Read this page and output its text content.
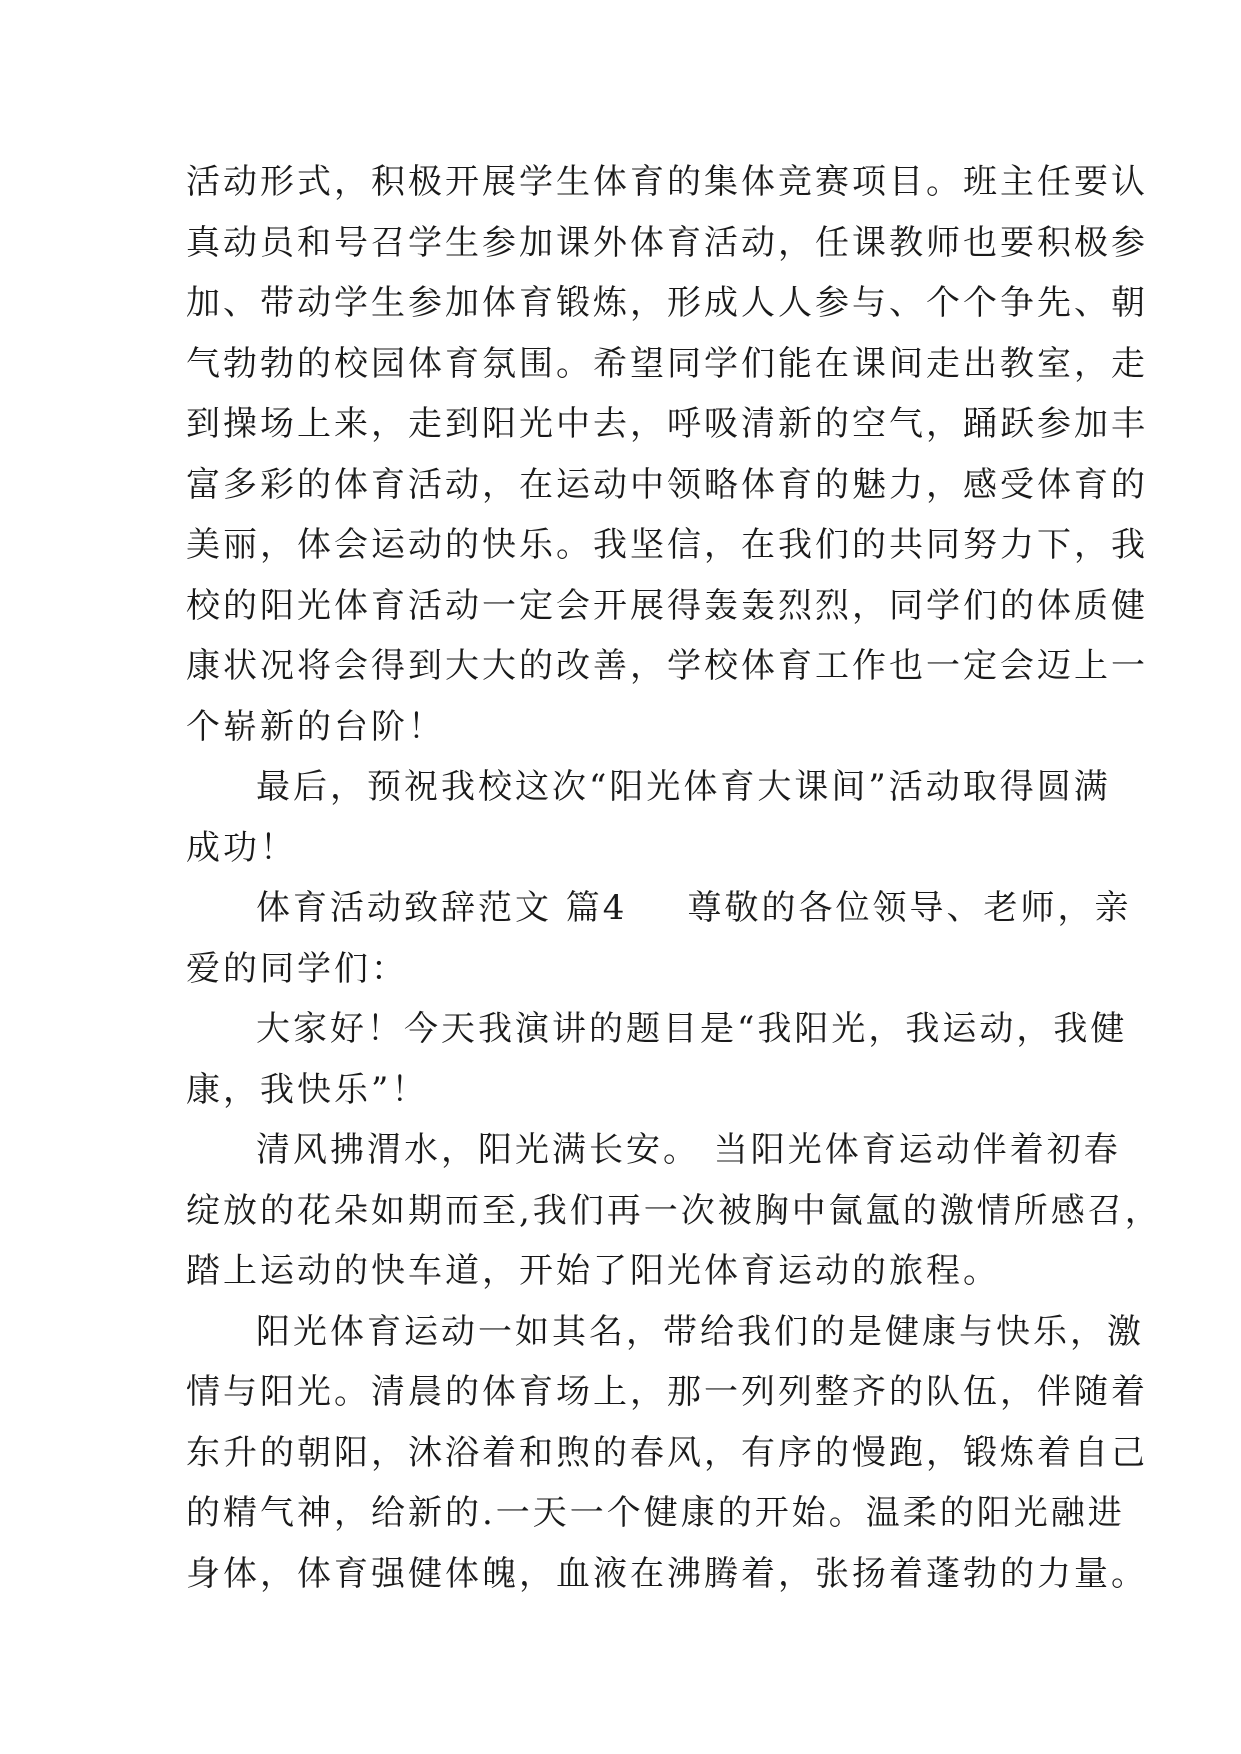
活动形式，积极开展学生体育的集体竞赛项目。班主任要认
真动员和号召学生参加课外体育活动，任课教师也要积极参
加、带动学生参加体育锻炼，形成人人参与、个个争先、朝
气勃勃的校园体育氛围。希望同学们能在课间走出教室，走
到操场上来，走到阳光中去，呼吸清新的空气，踊跃参加丰
富多彩的体育活动，在运动中领略体育的魅力，感受体育的
美丽，体会运动的快乐。我坚信，在我们的共同努力下，我
校的阳光体育活动一定会开展得轰轰烈烈，同学们的体质健
康状况将会得到大大的改善，学校体育工作也一定会迈上一
个崭新的台阶！
最后，预祝我校这次“阳光体育大课间”活动取得圆满
成功！
体育活动致辞范文 篇4 尊敬的各位领导、老师，亲
爱的同学们：
大家好！今天我演讲的题目是“我阳光，我运动，我健
康，我快乐”！
清风拂渭水，阳光满长安。 当阳光体育运动伴着初春
绽放的花朵如期而至,我们再一次被胸中氤氲的激情所感召，
踏上运动的快车道，开始了阳光体育运动的旅程。
阳光体育运动一如其名，带给我们的是健康与快乐，激
情与阳光。清晨的体育场上，那一列列整齐的队伍，伴随着
东升的朝阳，沐浴着和煦的春风，有序的慢跑，锻炼着自己
的精气神，给新的.一天一个健康的开始。温柔的阳光融进
身体，体育强健体魄，血液在沸腾着，张扬着蓬勃的力量。
